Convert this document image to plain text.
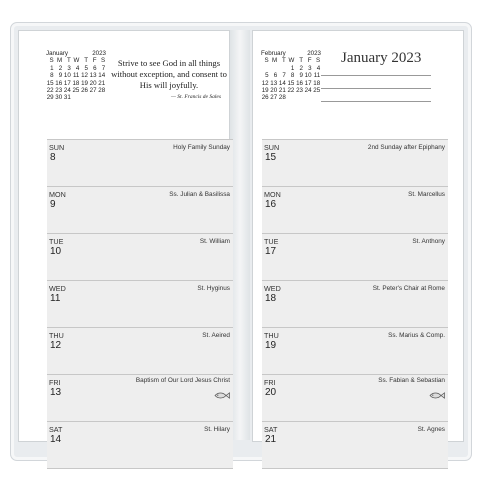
January	2023
S M T W T F S
1 2 3 4 5 6 7
8 9 10 11 12 13 14
15 16 17 18 19 20 21
22 23 24 25 26 27 28
29 30 31
Strive to see God in all things without exception, and consent to His will joyfully.
— St. Francis de Sales
SUN
8
Holy Family Sunday
MON
9
Ss. Julian & Basilissa
TUE
10
St. William
WED
11
St. Hyginus
THU
12
St. Aeired
FRI
13
Baptism of Our Lord Jesus Christ
SAT
14
St. Hilary
February	2023
S M T W T F S
1 2 3 4
5 6 7 8 9 10 11
12 13 14 15 16 17 18
19 20 21 22 23 24 25
26 27 28
January 2023
SUN
15
2nd Sunday after Epiphany
MON
16
St. Marcellus
TUE
17
St. Anthony
WED
18
St. Peter's Chair at Rome
THU
19
Ss. Marius & Comp.
FRI
20
Ss. Fabian & Sebastian
SAT
21
St. Agnes
